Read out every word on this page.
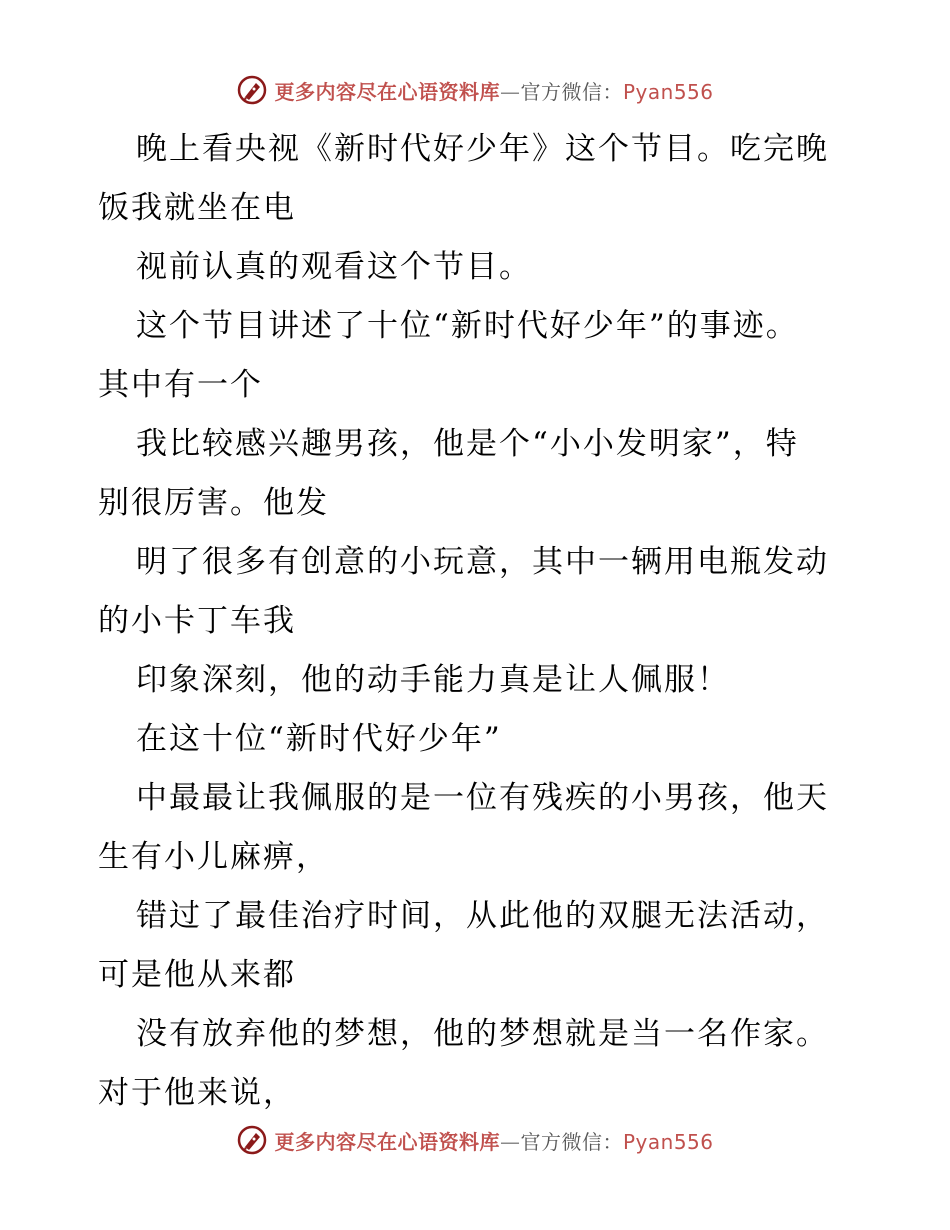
更多内容尽在心语资料库—官方微信：Pyan556
晚上看央视《新时代好少年》这个节目。吃完晚
饭我就坐在电
视前认真的观看这个节目。
这个节目讲述了十位“新时代好少年”的事迹。
其中有一个
我比较感兴趣男孩，他是个“小小发明家”，特
别很厉害。他发
明了很多有创意的小玩意，其中一辆用电瓶发动
的小卡丁车我
印象深刻，他的动手能力真是让人佩服！
在这十位“新时代好少年”
中最最让我佩服的是一位有残疾的小男孩，他天
生有小儿麻痹，
错过了最佳治疗时间，从此他的双腿无法活动，
可是他从来都
没有放弃他的梦想，他的梦想就是当一名作家。
对于他来说，
更多内容尽在心语资料库—官方微信：Pyan556
